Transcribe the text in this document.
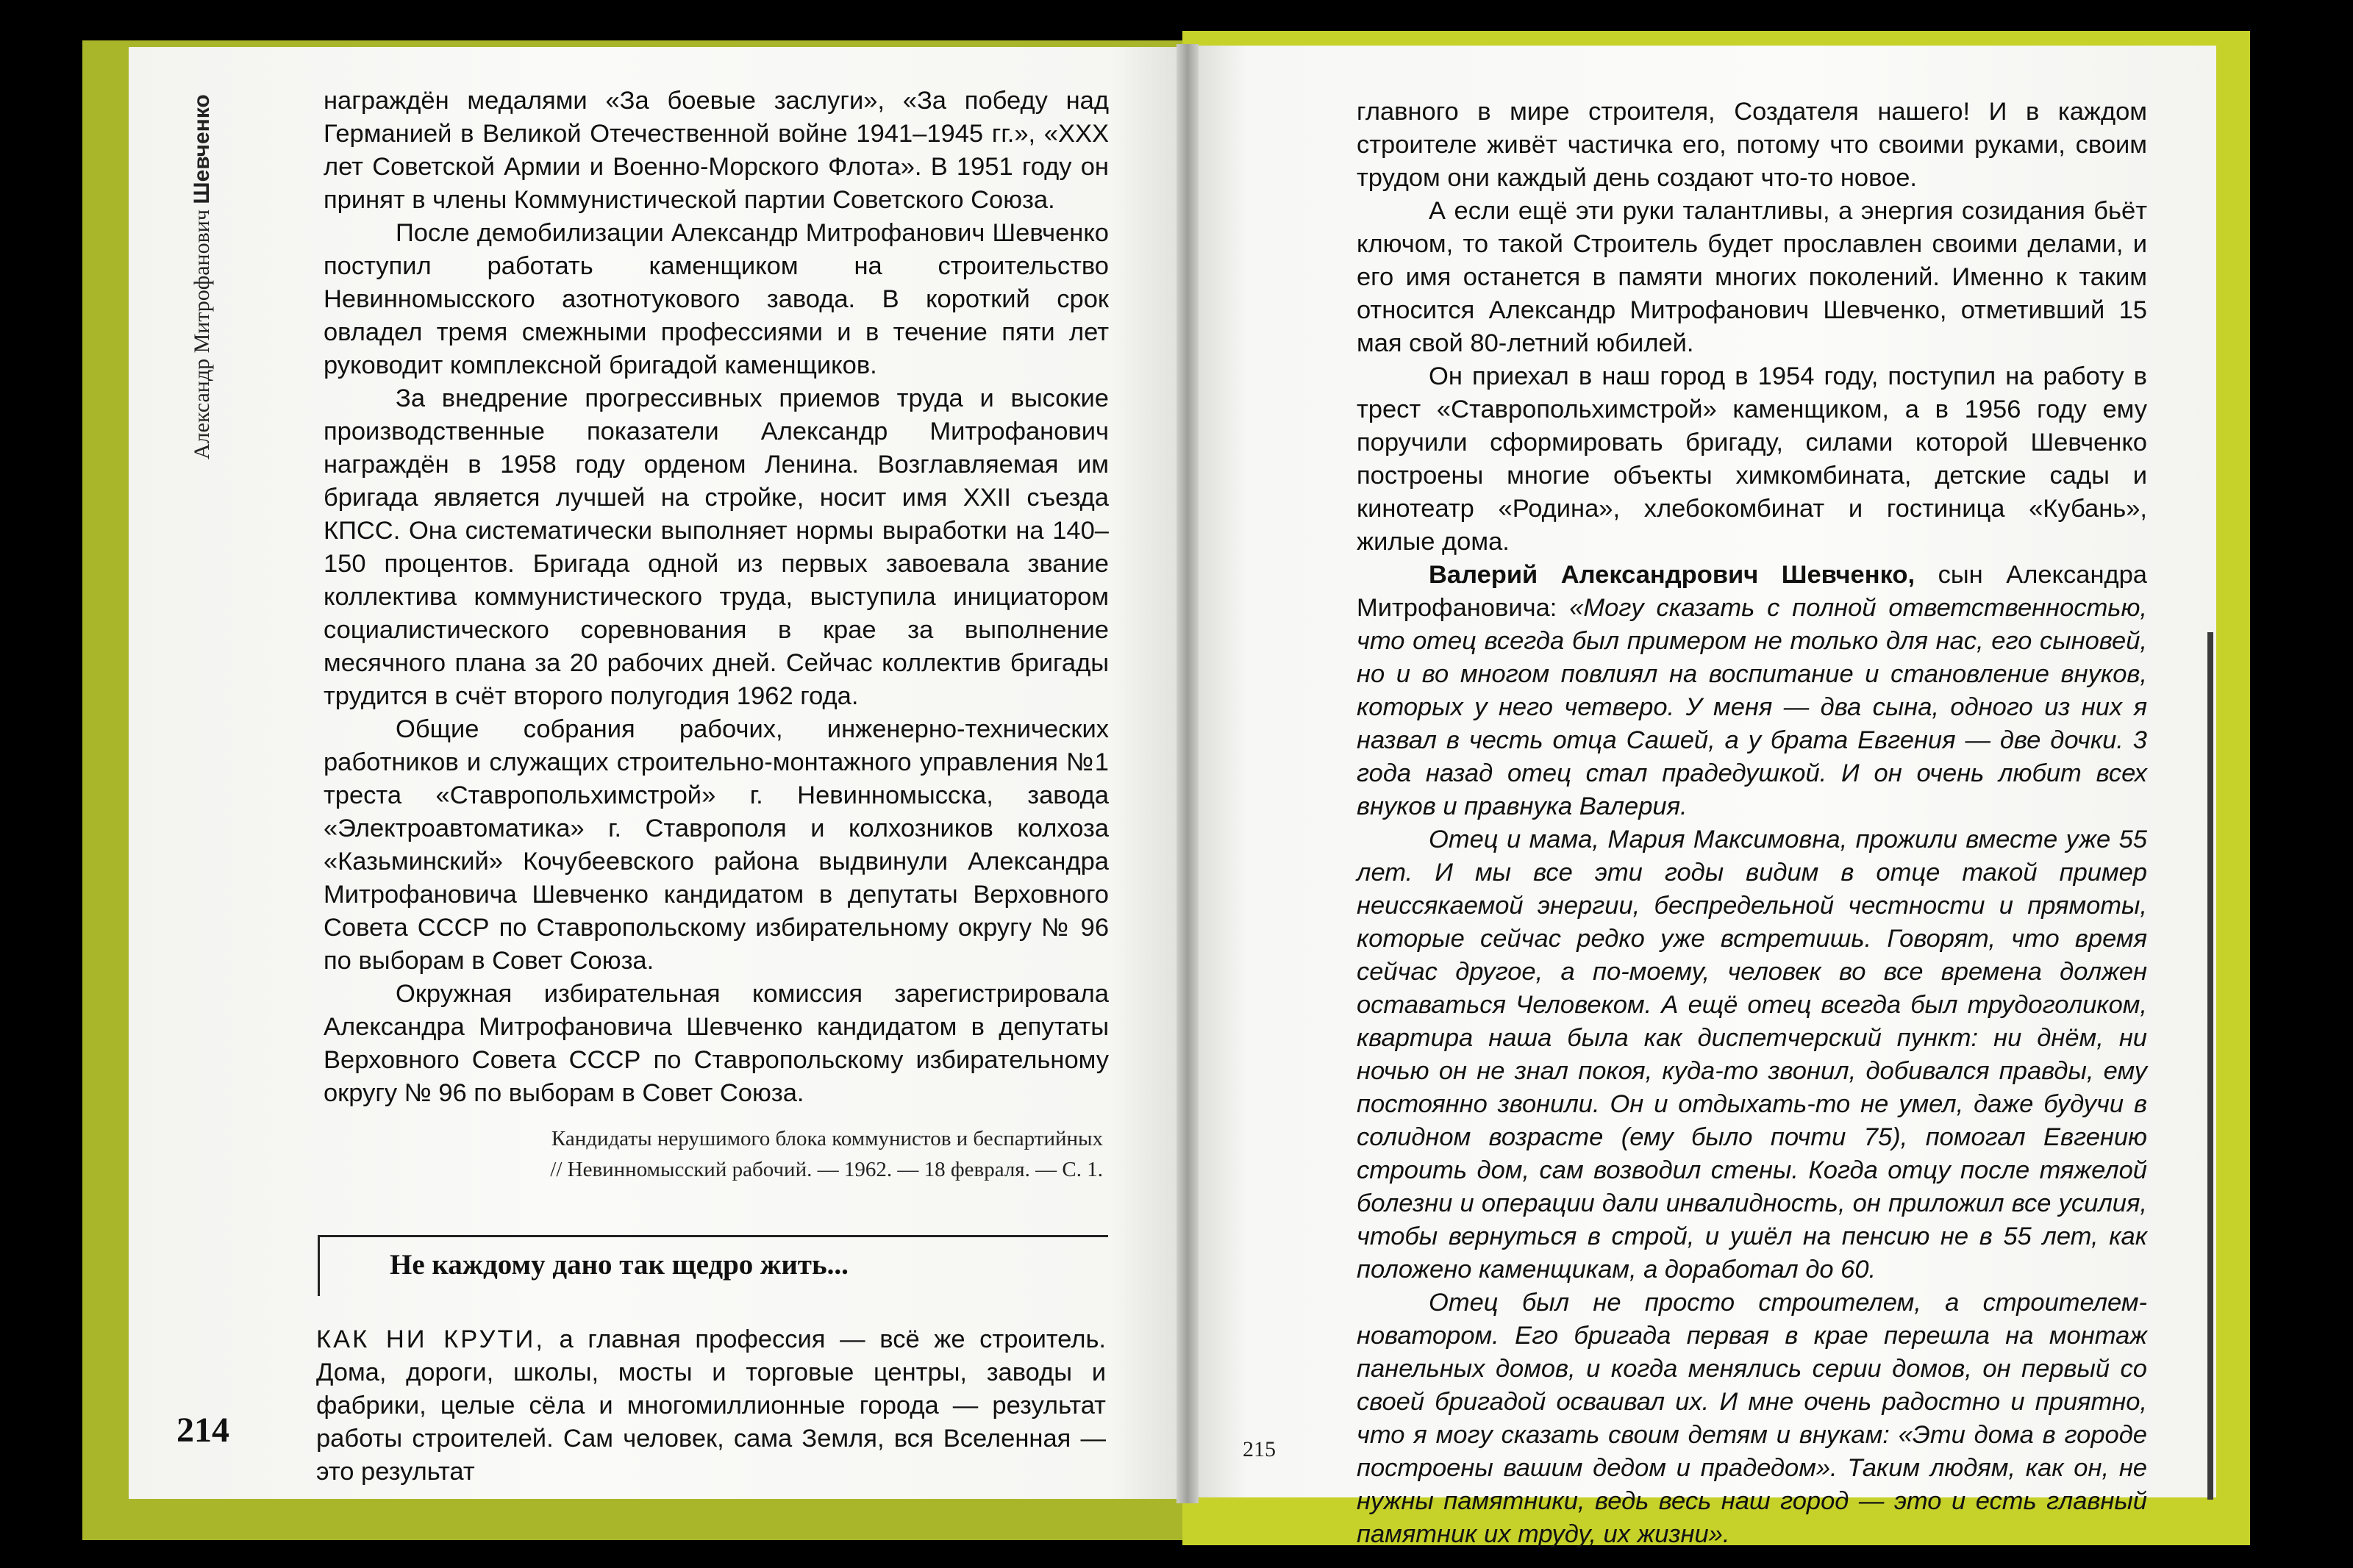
Александр Митрофанович Шевченко	награждён медалями «За боевые заслуги», «За победу над Германией в Великой Отечественной войне 1941–1945 гг.», «ХХХ лет Советской Армии и Военно-Морского Флота». В 1951 году он принят в члены Коммунистической партии Советского Союза.

После демобилизации Александр Митрофанович Шевченко поступил работать каменщиком на строительство Невинномысского азотнотукового завода. В короткий срок овладел тремя смежными профессиями и в течение пяти лет руководит комплексной бригадой каменщиков.

За внедрение прогрессивных приемов труда и высокие производственные показатели Александр Митрофанович награждён в 1958 году орденом Ленина. Возглавляемая им бригада является лучшей на стройке, носит имя XXII съезда КПСС. Она систематически выполняет нормы выработки на 140–150 процентов. Бригада одной из первых завоевала звание коллектива коммунистического труда, выступила инициатором социалистического соревнования в крае за выполнение месячного плана за 20 рабочих дней. Сейчас коллектив бригады трудится в счёт второго полугодия 1962 года.

Общие собрания рабочих, инженерно-технических работников и служащих строительно-монтажного управления №1 треста «Ставропольхимстрой» г. Невинномысска, завода «Электроавтоматика» г. Ставрополя и колхозников колхоза «Казьминский» Кочубеевского района выдвинули Александра Митрофановича Шевченко кандидатом в депутаты Верховного Совета СССР по Ставропольскому избирательному округу № 96 по выборам в Совет Союза.

Окружная избирательная комиссия зарегистрировала Александра Митрофановича Шевченко кандидатом в депутаты Верховного Совета СССР по Ставропольскому избирательному округу № 96 по выборам в Совет Союза.

Кандидаты нерушимого блока коммунистов и беспартийных
// Невинномысский рабочий. — 1962. — 18 февраля. — С. 1.
Не каждому дано так щедро жить...

КАК НИ КРУТИ, а главная профессия — всё же строитель. Дома, дороги, школы, мосты и торговые центры, заводы и фабрики, целые сёла и многомиллионные города — результат работы строителей. Сам человек, сама Земля, вся Вселенная — это результат

214

главного в мире строителя, Создателя нашего! И в каждом строителе живёт частичка его, потому что своими руками, своим трудом они каждый день создают что-то новое.

А если ещё эти руки талантливы, а энергия созидания бьёт ключом, то такой Строитель будет прославлен своими делами, и его имя останется в памяти многих поколений. Именно к таким относится Александр Митрофанович Шевченко, отметивший 15 мая свой 80-летний юбилей.

Он приехал в наш город в 1954 году, поступил на работу в трест «Ставропольхимстрой» каменщиком, а в 1956 году ему поручили сформировать бригаду, силами которой Шевченко построены многие объекты химкомбината, детские сады и кинотеатр «Родина», хлебокомбинат и гостиница «Кубань», жилые дома.

Валерий Александрович Шевченко, сын Александра Митрофановича: «Могу сказать с полной ответственностью, что отец всегда был примером не только для нас, его сыновей, но и во многом повлиял на воспитание и становление внуков, которых у него четверо. У меня — два сына, одного из них я назвал в честь отца Сашей, а у брата Евгения — две дочки. 3 года назад отец стал прадедушкой. И он очень любит всех внуков и правнука Валерия.

Отец и мама, Мария Максимовна, прожили вместе уже 55 лет. И мы все эти годы видим в отце такой пример неиссякаемой энергии, беспредельной честности и прямоты, которые сейчас редко уже встретишь. Говорят, что время сейчас другое, а по-моему, человек во все времена должен оставаться Человеком. А ещё отец всегда был трудоголиком, квартира наша была как диспетчерский пункт: ни днём, ни ночью он не знал покоя, куда-то звонил, добивался правды, ему постоянно звонили. Он и отдыхать-то не умел, даже будучи в солидном возрасте (ему было почти 75), помогал Евгению строить дом, сам возводил стены. Когда отцу после тяжелой болезни и операции дали инвалидность, он приложил все усилия, чтобы вернуться в строй, и ушёл на пенсию не в 55 лет, как положено каменщикам, а доработал до 60.

Отец был не просто строителем, а строителем-новатором. Его бригада первая в крае перешла на монтаж панельных домов, и когда менялись серии домов, он первый со своей бригадой осваивал их. И мне очень радостно и приятно, что я могу сказать своим детям и внукам: «Эти дома в городе построены вашим дедом и прадедом». Таким людям, как он, не нужны памятники, ведь весь наш город — это и есть главный памятник их труду, их жизни».

215
